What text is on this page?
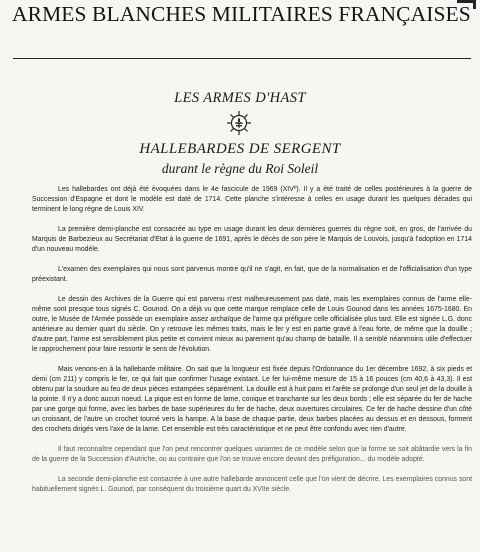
ARMES BLANCHES MILITAIRES FRANÇAISES
LES ARMES D'HAST
HALLEBARDES DE SERGENT
durant le règne du Roi Soleil

Les hallebardes ont déjà été évoquées dans le 4e fascicule de 1969 (XIVº). Il y a été traité de celles postérieures à la guerre de Succession d'Espagne et dont le modèle est daté de 1714. Cette planche s'intéresse à celles en usage durant les quelques décades qui terminent le long règne de Louis XIV.

La première demi-planche est consacrée au type en usage durant les deux dernières guerres du règne soit, en gros, de l'arrivée du Marquis de Barbezieux au Secrétariat d'Etat à la guerre de 1691, après le décès de son père le Marquis de Louvois, jusqu'à l'adoption en 1714 d'un nouveau modèle.

L'examen des exemplaires qui nous sont parvenus montre qu'il ne s'agit, en fait, que de la normalisation et de l'officialisation d'un type préexistant.

Le dessin des Archives de la Guerre qui est parvenu n'est malheureusement pas daté, mais les exemplaires connus de l'arme elle-même sont presque tous signés C. Gounod. On a déjà vu que cette marque remplace celle de Louis Gounod dans les années 1675-1680. En outre, le Musée de l'Armée possède un exemplaire assez archaïque de l'arme qui préfigure celle officialisée plus tard. Elle est signée L.G. donc antérieure au dernier quart du siècle. On y retrouve les mêmes traits, mais le fer y est en partie gravé à l'eau forte, de même que la douille ; d'autre part, l'arme est sensiblement plus petite et convient mieux au parement qu'au champ de bataille. Il a semblé néanmoins utile d'effectuer le rapprochement pour faire ressortir le sens de l'évolution.

Mais venons-en à la hallebarde militaire. On sait que la longueur est fixée depuis l'Ordonnance du 1er décembre 1692, à six pieds et demi (cm 211) y compris le fer, ce qui fait que confirmer l'usage existant. Le fer lui-même mesure de 15 à 16 pouces (cm 40,6 à 43,3). Il est obtenu par la soudure au feu de deux pièces estampées séparément. La douille est à huit pans et l'arête se prolonge d'un seul jet de la douille à la pointe. Il n'y a donc aucun noeud. La pique est en forme de lame, conique et tranchante sur les deux bords ; elle est séparée du fer de hache par une gorge qui forme, avec les barbes de base supérieures du fer de hache, deux ouvertures circulaires. Ce fer de hache dessine d'un côté un croissant, de l'autre un crochet tourné vers la hampe. A la base de chaque partie, deux barbes placées au dessus et en dessous, forment des crochets dirigés vers l'axe de la lame. Cet ensemble est très caractéristique et ne peut être confondu avec rien d'autre.

Il faut reconnaître cependant que l'on peut rencontrer quelques variantes de ce modèle selon que la forme se soit abâtardie vers la fin de la guerre de la Succession d'Autriche, ou au contraire que l'on se trouve encore devant des préfiguration... du modèle adopté.

La seconde demi-planche est consacrée à une autre hallebarde annoncent celle que l'on vient de décrire. Les exemplaires connus sont habituellement signés L. Gounod, par conséquent du troisième quart du XVIIe siècle.
